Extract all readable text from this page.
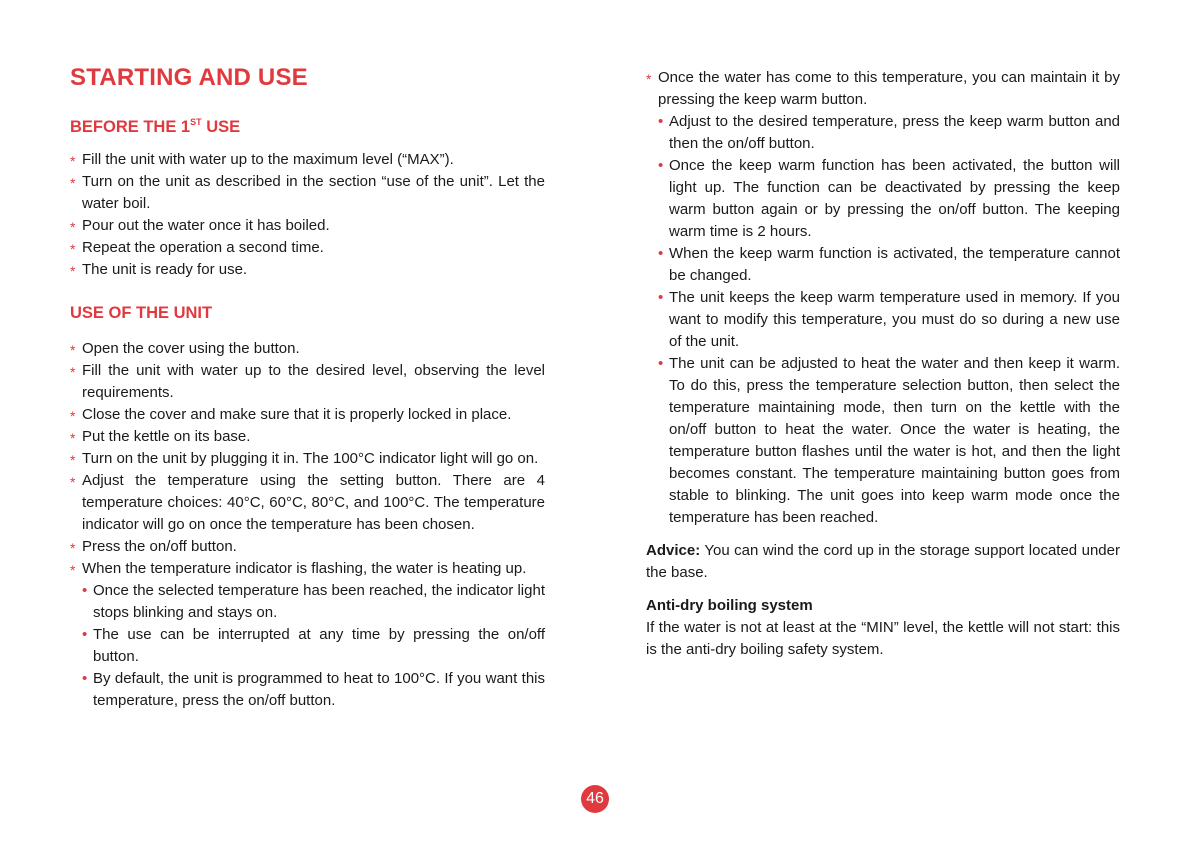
STARTING AND USE
BEFORE THE 1ST USE
* Fill the unit with water up to the maximum level (“MAX”).
* Turn on the unit as described in the section “use of the unit”. Let the water boil.
* Pour out the water once it has boiled.
* Repeat the operation a second time.
* The unit is ready for use.
USE OF THE UNIT
* Open the cover using the button.
* Fill the unit with water up to the desired level, observing the level requirements.
* Close the cover and make sure that it is properly locked in place.
* Put the kettle on its base.
* Turn on the unit by plugging it in. The 100°C indicator light will go on.
* Adjust the temperature using the setting button. There are 4 temperature choices: 40°C, 60°C, 80°C, and 100°C. The temperature indicator will go on once the temperature has been chosen.
* Press the on/off button.
* When the temperature indicator is flashing, the water is heating up.
• Once the selected temperature has been reached, the indicator light stops blinking and stays on.
• The use can be interrupted at any time by pressing the on/off button.
• By default, the unit is programmed to heat to 100°C. If you want this temperature, press the on/off button.
* Once the water has come to this temperature, you can maintain it by pressing the keep warm button.
• Adjust to the desired temperature, press the keep warm button and then the on/off button.
• Once the keep warm function has been activated, the button will light up. The function can be deactivated by pressing the keep warm button again or by pressing the on/off button. The keeping warm time is 2 hours.
• When the keep warm function is activated, the temperature cannot be changed.
• The unit keeps the keep warm temperature used in memory. If you want to modify this temperature, you must do so during a new use of the unit.
• The unit can be adjusted to heat the water and then keep it warm. To do this, press the temperature selection button, then select the temperature maintaining mode, then turn on the kettle with the on/off button to heat the water. Once the water is heating, the temperature button flashes until the water is hot, and then the light becomes constant. The temperature maintaining button goes from stable to blinking. The unit goes into keep warm mode once the temperature has been reached.

Advice: You can wind the cord up in the storage support located under the base.

Anti-dry boiling system

If the water is not at least at the “MIN” level, the kettle will not start: this is the anti-dry boiling safety system.

46
